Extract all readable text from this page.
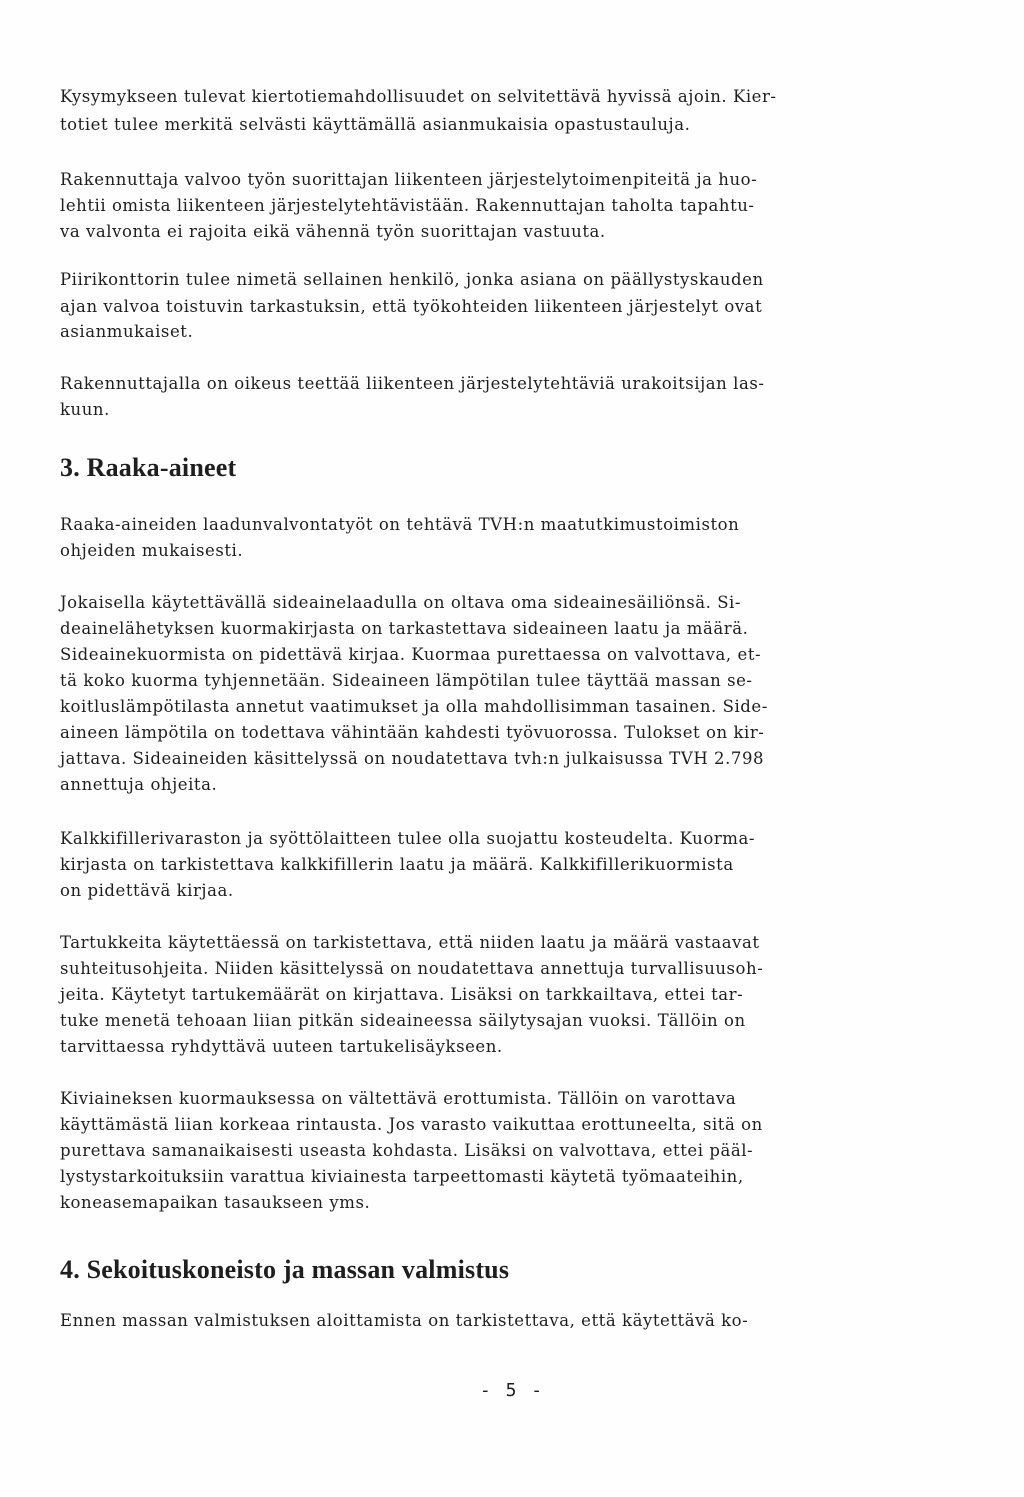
Kysymykseen tulevat kiertotiemahdollisuudet on selvitettävä hyvissä ajoin. Kier-
totiet tulee merkitä selvästi käyttämällä asianmukaisia opastustauluja.
Rakennuttaja valvoo työn suorittajan liikenteen järjestelytoimenpiteitä ja huo-
lehtii omista liikenteen järjestelytehtävistään. Rakennuttajan taholta tapahtu-
va valvonta ei rajoita eikä vähennä työn suorittajan vastuuta.
Piirikonttorin tulee nimetä sellainen henkilö, jonka asiana on päällystyskauden
ajan valvoa toistuvin tarkastuksin, että työkohteiden liikenteen järjestelyt ovat
asianmukaiset.
Rakennuttajalla on oikeus teettää liikenteen järjestelytehtäviä urakoitsijan las-
kuun.
Raaka-aineiden laadunvalvontatyöt on tehtävä TVH:n maatutkimustoimiston
ohjeiden mukaisesti.
Jokaisella käytettävällä sideainelaadulla on oltava oma sideainesäiliönsä. Si-
deainelähetyksen kuormakirjasta on tarkastettava sideaineen laatu ja määrä.
Sideainekuormista on pidettävä kirjaa. Kuormaa purettaessa on valvottava, et-
tä koko kuorma tyhjennetään. Sideaineen lämpötilan tulee täyttää massan se-
koitluslämpötilasta annetut vaatimukset ja olla mahdollisimman tasainen. Side-
aineen lämpötila on todettava vähintään kahdesti työvuorossa. Tulokset on kir-
jattava. Sideaineiden käsittelyssä on noudatettava tvh:n julkaisussa TVH 2.798
annettuja ohjeita.
Kalkkifillerivaraston ja syöttölaitteen tulee olla suojattu kosteudelta. Kuorma-
kirjasta on tarkistettava kalkkifillerin laatu ja määrä. Kalkkifillerikuormista
on pidettävä kirjaa.
Tartukkeita käytettäessä on tarkistettava, että niiden laatu ja määrä vastaavat
suhteitusohjeita. Niiden käsittelyssä on noudatettava annettuja turvallisuusoh-
jeita. Käytetyt tartukemäärät on kirjattava. Lisäksi on tarkkailtava, ettei tar-
tuke menetä tehoaan liian pitkän sideaineessa säilytysajan vuoksi. Tällöin on
tarvittaessa ryhdyttävä uuteen tartukelisäykseen.
Kiviaineksen kuormauksessa on vältettävä erottumista. Tällöin on varottava
käyttämästä liian korkeaa rintausta. Jos varasto vaikuttaa erottuneelta, sitä on
purettava samanaikaisesti useasta kohdasta. Lisäksi on valvottava, ettei pääl-
lystystarkoituksiin varattua kiviainesta tarpeettomasti käytetä työmaateihin,
koneasemapaikan tasaukseen yms.
Ennen massan valmistuksen aloittamista on tarkistettava, että käytettävä ko-
3. Raaka-aineet
4. Sekoituskoneisto ja massan valmistus
- 5 -
